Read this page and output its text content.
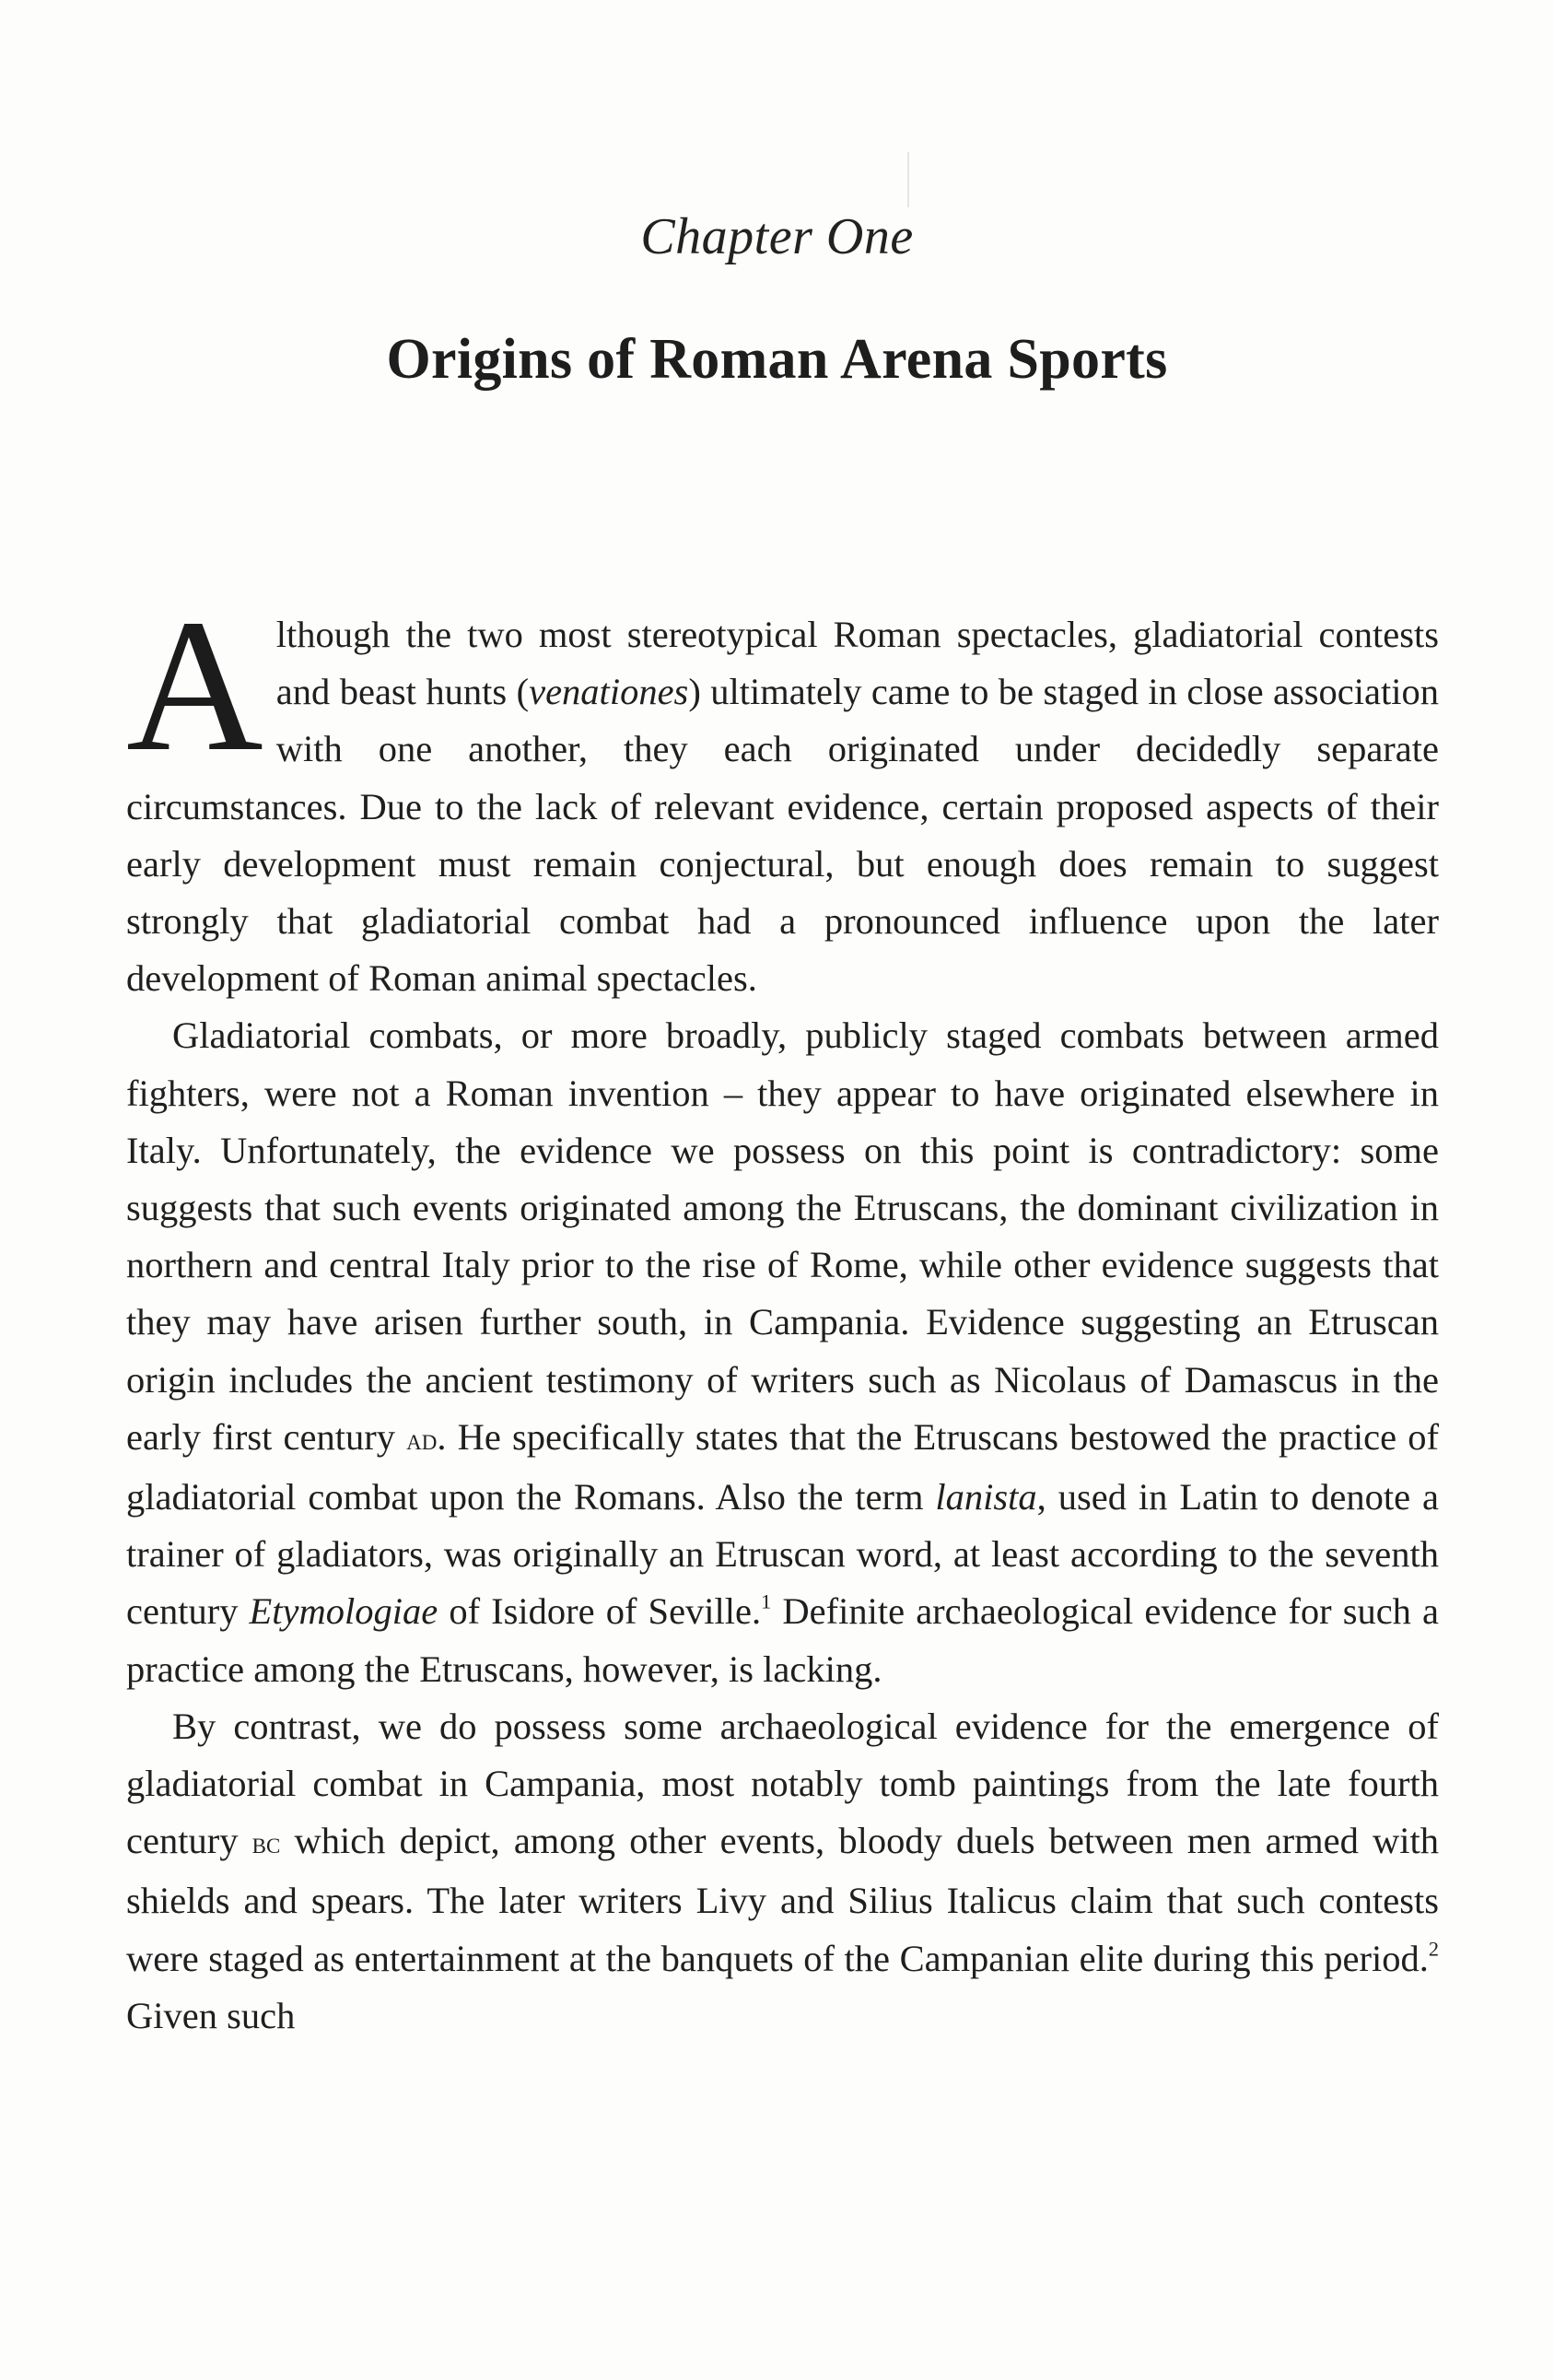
Chapter One
Origins of Roman Arena Sports

Although the two most stereotypical Roman spectacles, gladiatorial contests and beast hunts (venationes) ultimately came to be staged in close association with one another, they each originated under decidedly separate circumstances. Due to the lack of relevant evidence, certain proposed aspects of their early development must remain conjectural, but enough does remain to suggest strongly that gladiatorial combat had a pronounced influence upon the later development of Roman animal spectacles.

Gladiatorial combats, or more broadly, publicly staged combats between armed fighters, were not a Roman invention – they appear to have originated elsewhere in Italy. Unfortunately, the evidence we possess on this point is contradictory: some suggests that such events originated among the Etruscans, the dominant civilization in northern and central Italy prior to the rise of Rome, while other evidence suggests that they may have arisen further south, in Campania. Evidence suggesting an Etruscan origin includes the ancient testimony of writers such as Nicolaus of Damascus in the early first century ad. He specifically states that the Etruscans bestowed the practice of gladiatorial combat upon the Romans. Also the term lanista, used in Latin to denote a trainer of gladiators, was originally an Etruscan word, at least according to the seventh century Etymologiae of Isidore of Seville.$^1$ Definite archaeological evidence for such a practice among the Etruscans, however, is lacking.

By contrast, we do possess some archaeological evidence for the emergence of gladiatorial combat in Campania, most notably tomb paintings from the late fourth century bc which depict, among other events, bloody duels between men armed with shields and spears. The later writers Livy and Silius Italicus claim that such contests were staged as entertainment at the banquets of the Campanian elite during this period.$^2$ Given such
